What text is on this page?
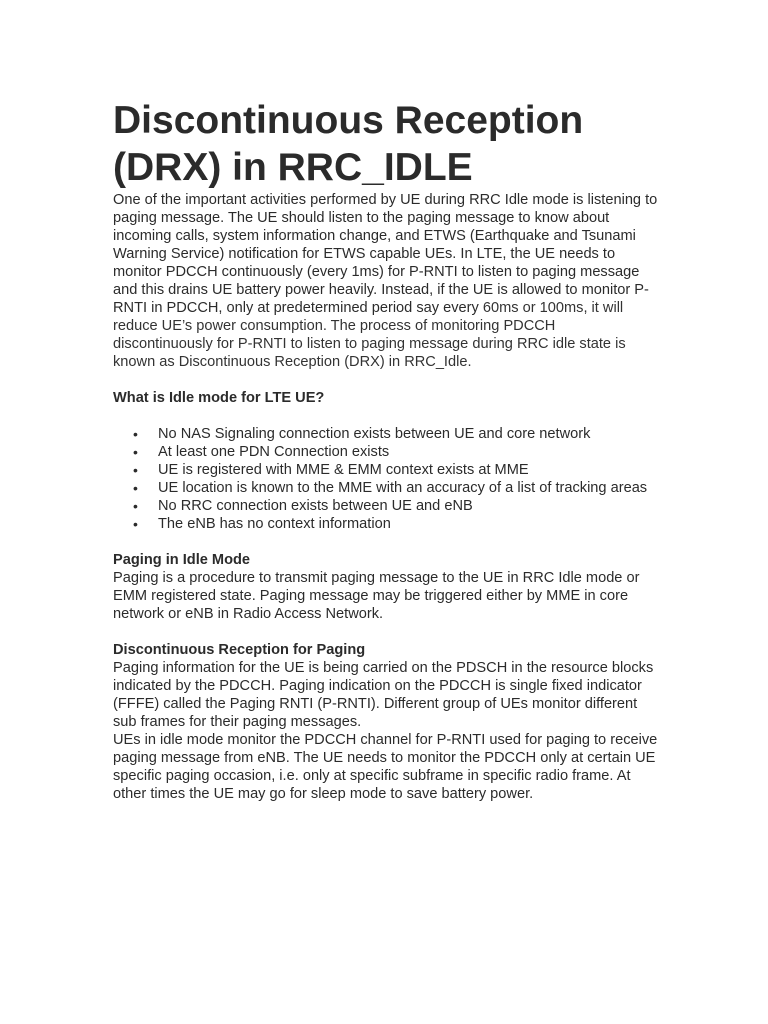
Discontinuous Reception
(DRX) in RRC_IDLE

One of the important activities performed by UE during RRC Idle mode is listening to paging message. The UE should listen to the paging message to know about incoming calls, system information change, and ETWS (Earthquake and Tsunami Warning Service) notification for ETWS capable UEs. In LTE, the UE needs to monitor PDCCH continuously (every 1ms) for P-RNTI to listen to paging message and this drains UE battery power heavily. Instead, if the UE is allowed to monitor P-RNTI in PDCCH, only at predetermined period say every 60ms or 100ms, it will reduce UE’s power consumption. The process of monitoring PDCCH discontinuously for P-RNTI to listen to paging message during RRC idle state is known as Discontinuous Reception (DRX) in RRC_Idle.

What is Idle mode for LTE UE?
• No NAS Signaling connection exists between UE and core network
• At least one PDN Connection exists
• UE is registered with MME & EMM context exists at MME
• UE location is known to the MME with an accuracy of a list of tracking areas
• No RRC connection exists between UE and eNB
• The eNB has no context information
Paging in Idle Mode

Paging is a procedure to transmit paging message to the UE in RRC Idle mode or EMM registered state. Paging message may be triggered either by MME in core network or eNB in Radio Access Network.

Discontinuous Reception for Paging

Paging information for the UE is being carried on the PDSCH in the resource blocks indicated by the PDCCH. Paging indication on the PDCCH is single fixed indicator (FFFE) called the Paging RNTI (P-RNTI). Different group of UEs monitor different sub frames for their paging messages.

UEs in idle mode monitor the PDCCH channel for P-RNTI used for paging to receive paging message from eNB. The UE needs to monitor the PDCCH only at certain UE specific paging occasion, i.e. only at specific subframe in specific radio frame. At other times the UE may go for sleep mode to save battery power.
